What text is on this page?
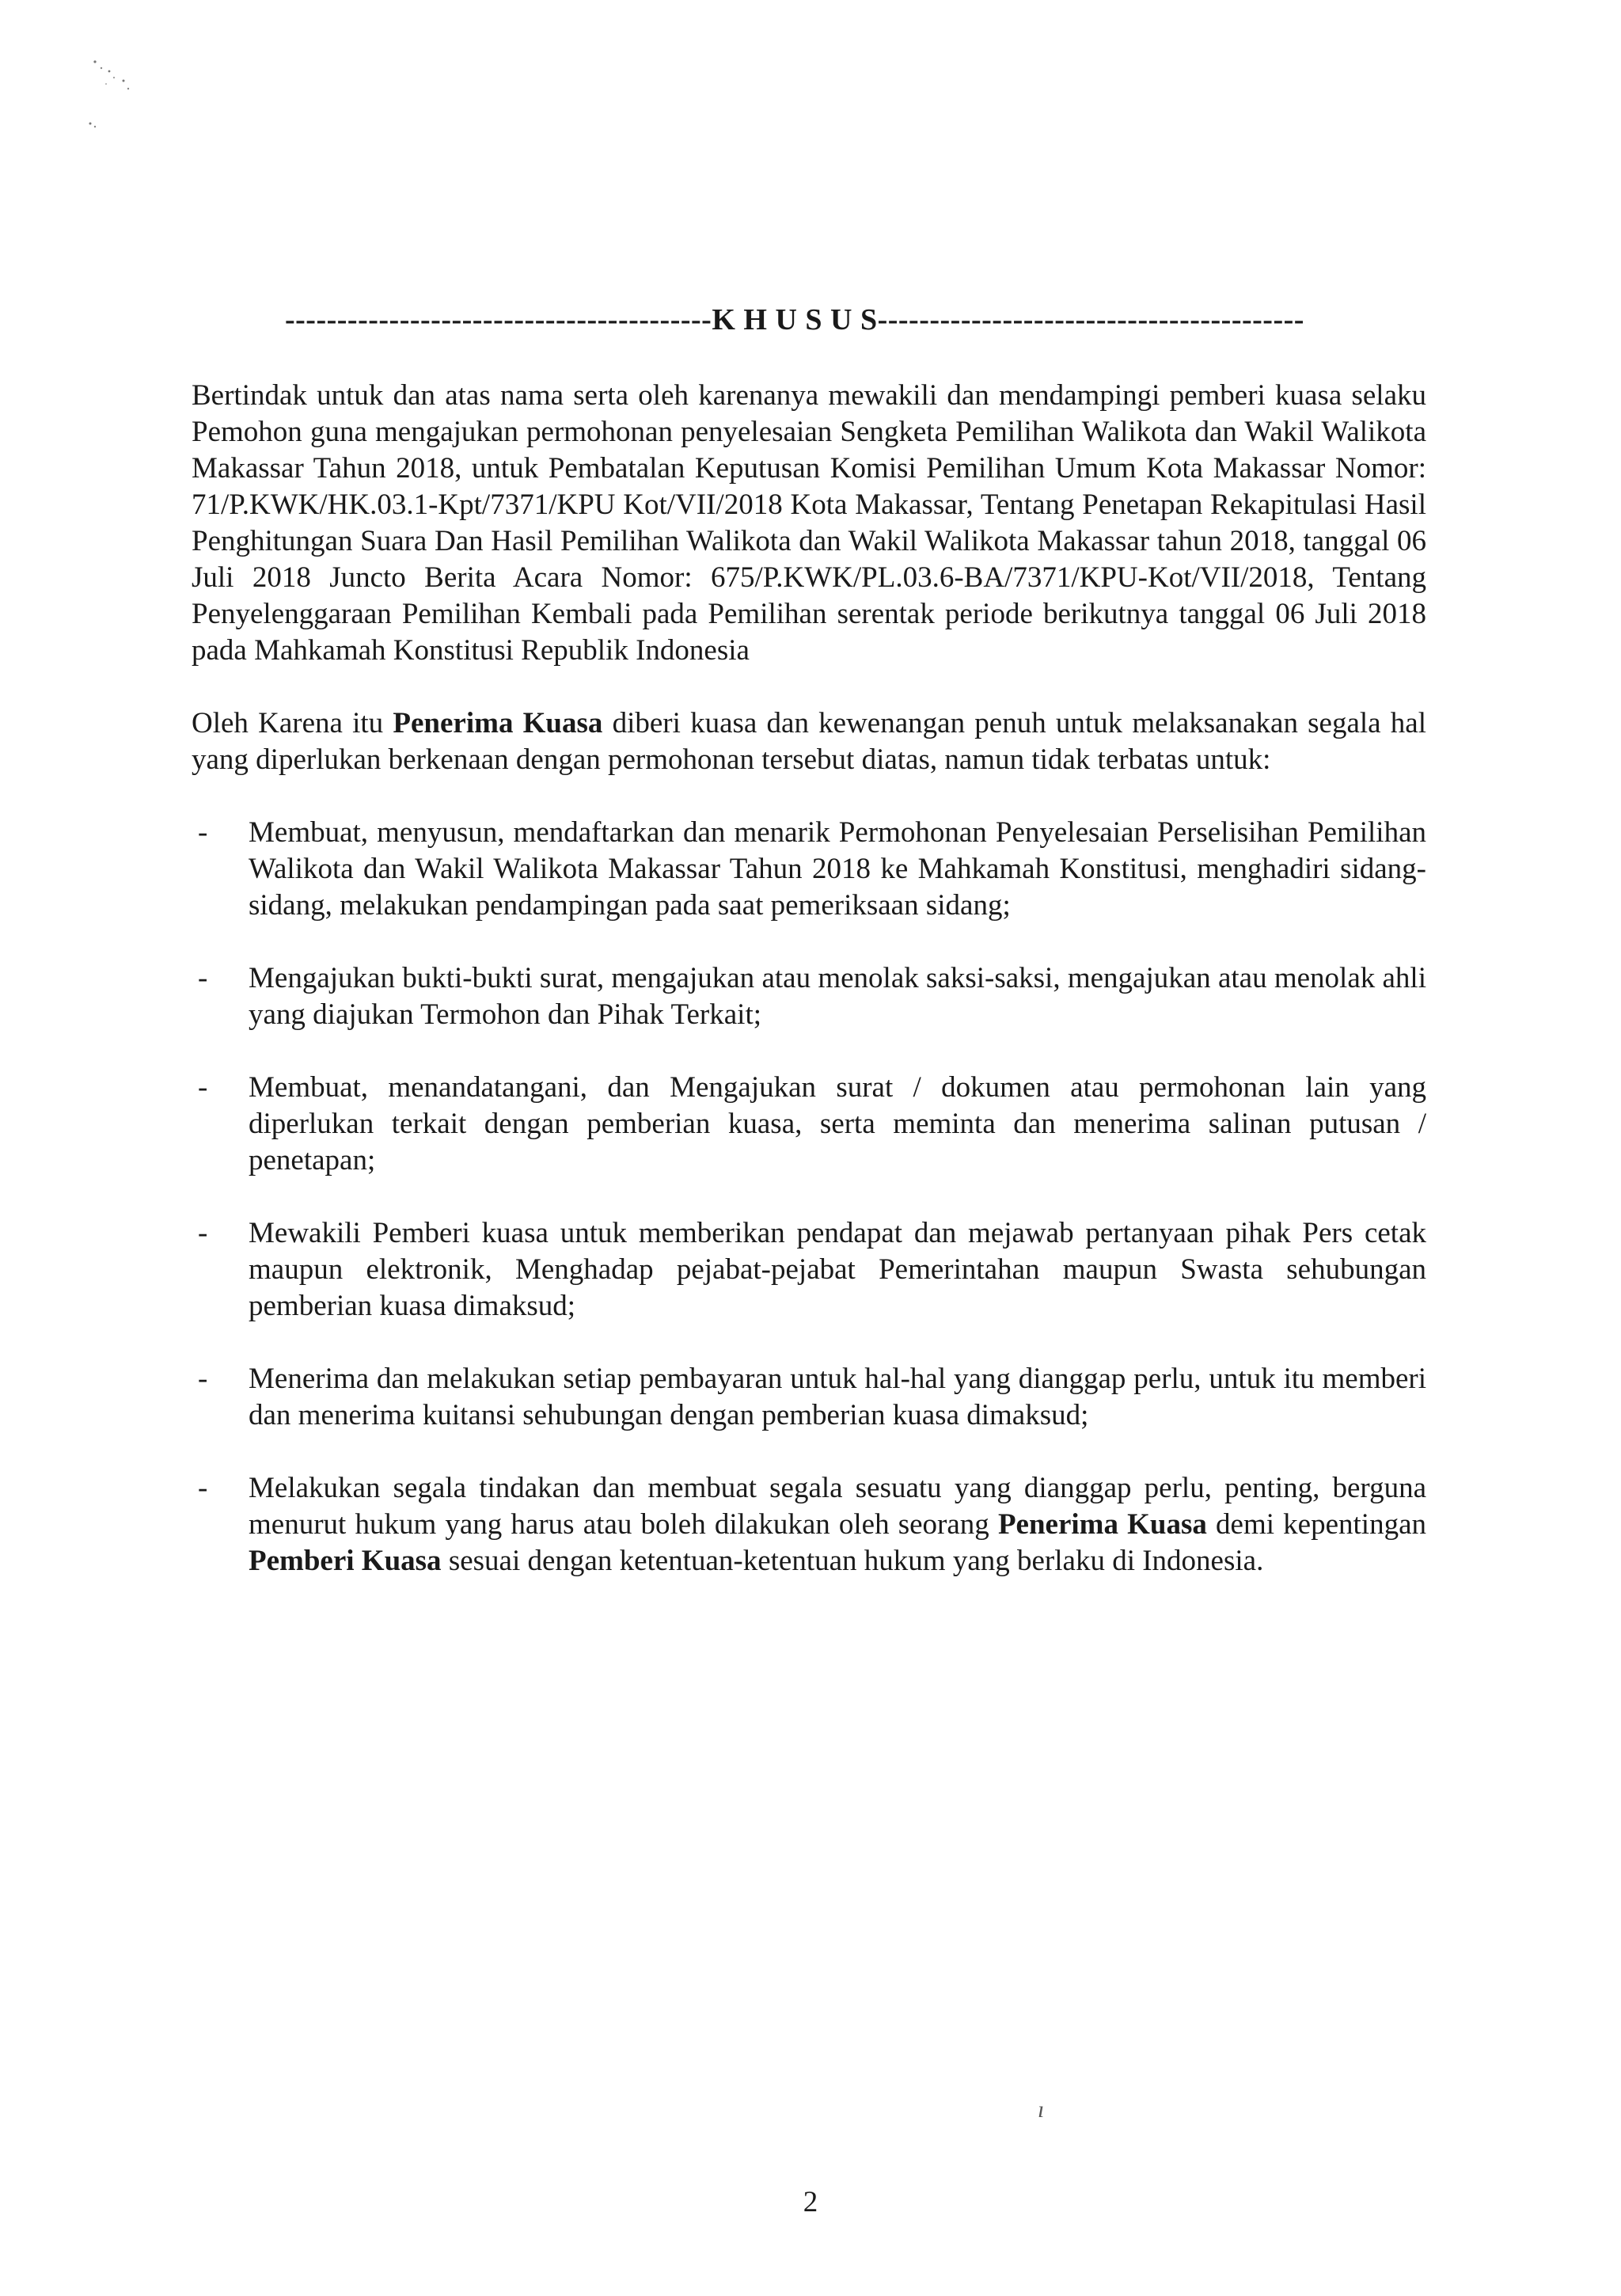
-----------------------------------------K H U S U S-----------------------------------------

Bertindak untuk dan atas nama serta oleh karenanya mewakili dan mendampingi pemberi kuasa selaku Pemohon guna mengajukan permohonan penyelesaian Sengketa Pemilihan Walikota dan Wakil Walikota Makassar Tahun 2018, untuk Pembatalan Keputusan Komisi Pemilihan Umum Kota Makassar Nomor: 71/P.KWK/HK.03.1-Kpt/7371/KPU Kot/VII/2018 Kota Makassar, Tentang Penetapan Rekapitulasi Hasil Penghitungan Suara Dan Hasil Pemilihan Walikota dan Wakil Walikota Makassar tahun 2018, tanggal 06 Juli 2018 Juncto Berita Acara Nomor: 675/P.KWK/PL.03.6-BA/7371/KPU-Kot/VII/2018, Tentang Penyelenggaraan Pemilihan Kembali pada Pemilihan serentak periode berikutnya tanggal 06 Juli 2018 pada Mahkamah Konstitusi Republik Indonesia

Oleh Karena itu Penerima Kuasa diberi kuasa dan kewenangan penuh untuk melaksanakan segala hal yang diperlukan berkenaan dengan permohonan tersebut diatas, namun tidak terbatas untuk:

- Membuat, menyusun, mendaftarkan dan menarik Permohonan Penyelesaian Perselisihan Pemilihan Walikota dan Wakil Walikota Makassar Tahun 2018 ke Mahkamah Konstitusi, menghadiri sidang-sidang, melakukan pendampingan pada saat pemeriksaan sidang;
- Mengajukan bukti-bukti surat, mengajukan atau menolak saksi-saksi, mengajukan atau menolak ahli yang diajukan Termohon dan Pihak Terkait;
- Membuat, menandatangani, dan Mengajukan surat / dokumen atau permohonan lain yang diperlukan terkait dengan pemberian kuasa, serta meminta dan menerima salinan putusan / penetapan;
- Mewakili Pemberi kuasa untuk memberikan pendapat dan mejawab pertanyaan pihak Pers cetak maupun elektronik, Menghadap pejabat-pejabat Pemerintahan maupun Swasta sehubungan pemberian kuasa dimaksud;
- Menerima dan melakukan setiap pembayaran untuk hal-hal yang dianggap perlu, untuk itu memberi dan menerima kuitansi sehubungan dengan pemberian kuasa dimaksud;
- Melakukan segala tindakan dan membuat segala sesuatu yang dianggap perlu, penting, berguna menurut hukum yang harus atau boleh dilakukan oleh seorang Penerima Kuasa demi kepentingan Pemberi Kuasa sesuai dengan ketentuan-ketentuan hukum yang berlaku di Indonesia.
ı
2
